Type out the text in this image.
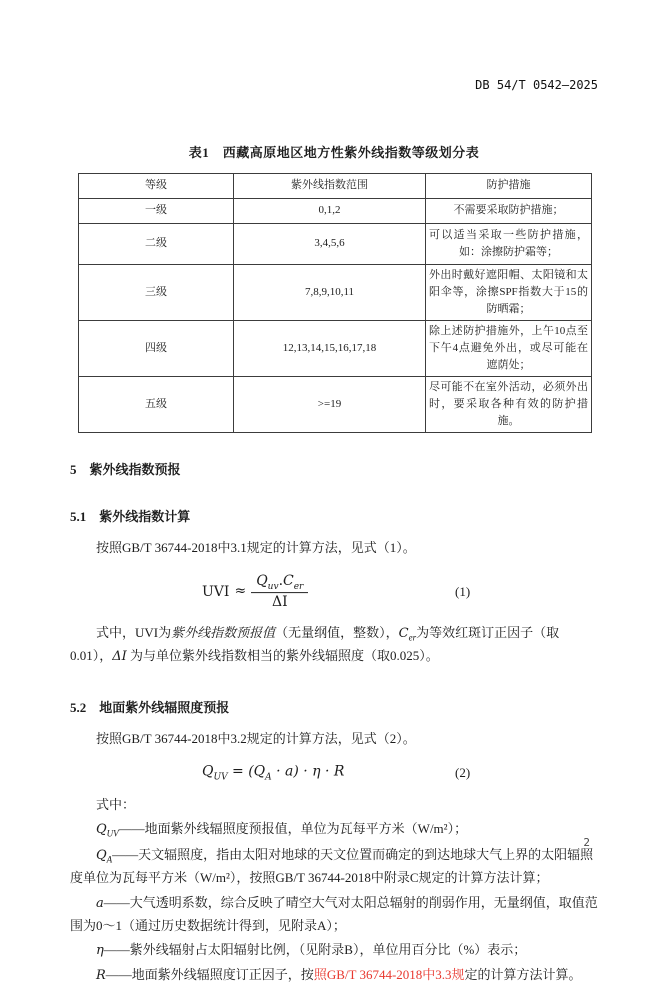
DB 54/T 0542—2025
表1　西藏高原地区地方性紫外线指数等级划分表
等级	紫外线指数范围	防护措施
一级	0,1,2	不需要采取防护措施；
二级	3,4,5,6	可以适当采取一些防护措施，如：涂擦防护霜等；
三级	7,8,9,10,11	外出时戴好遮阳帽、太阳镜和太阳伞等，涂擦SPF指数大于15的防晒霜；
四级	12,13,14,15,16,17,18	除上述防护措施外，上午10点至下午4点避免外出，或尽可能在遮荫处；
五级	>=19	尽可能不在室外活动，必须外出时，要采取各种有效的防护措施。
5　紫外线指数预报
5.1　紫外线指数计算

按照GB/T 36744-2018中3.1规定的计算方法，见式（1）。

UVI ≈ $\frac{Q_{uv}.C_{er}}{\Delta I}$	(1)

式中，UVI为紫外线指数预报值（无量纲值，整数），$C_{er}$为等效红斑订正因子（取0.01），ΔI 为与单位紫外线指数相当的紫外线辐照度（取0.025）。

5.2　地面紫外线辐照度预报

按照GB/T 36744-2018中3.2规定的计算方法，见式（2）。

$Q_{UV} = (Q_A \cdot a) \cdot \eta \cdot R$	(2)

式中：

$Q_{UV}——$地面紫外线辐照度预报值，单位为瓦每平方米（W/m²）；
$Q_A——$天文辐照度，指由太阳对地球的天文位置而确定的到达地球大气上界的太阳辐照度单位为瓦每平方米（W/m²），按照GB/T 36744-2018中附录C规定的计算方法计算；
a——大气透明系数，综合反映了晴空大气对太阳总辐射的削弱作用，无量纲值，取值范围为0～1（通过历史数据统计得到，见附录A）；
η——紫外线辐射占太阳辐射比例，（见附录B），单位用百分比（%）表示；
R——地面紫外线辐照度订正因子，按照GB/T 36744-2018中3.3规定的计算方法计算。
2
